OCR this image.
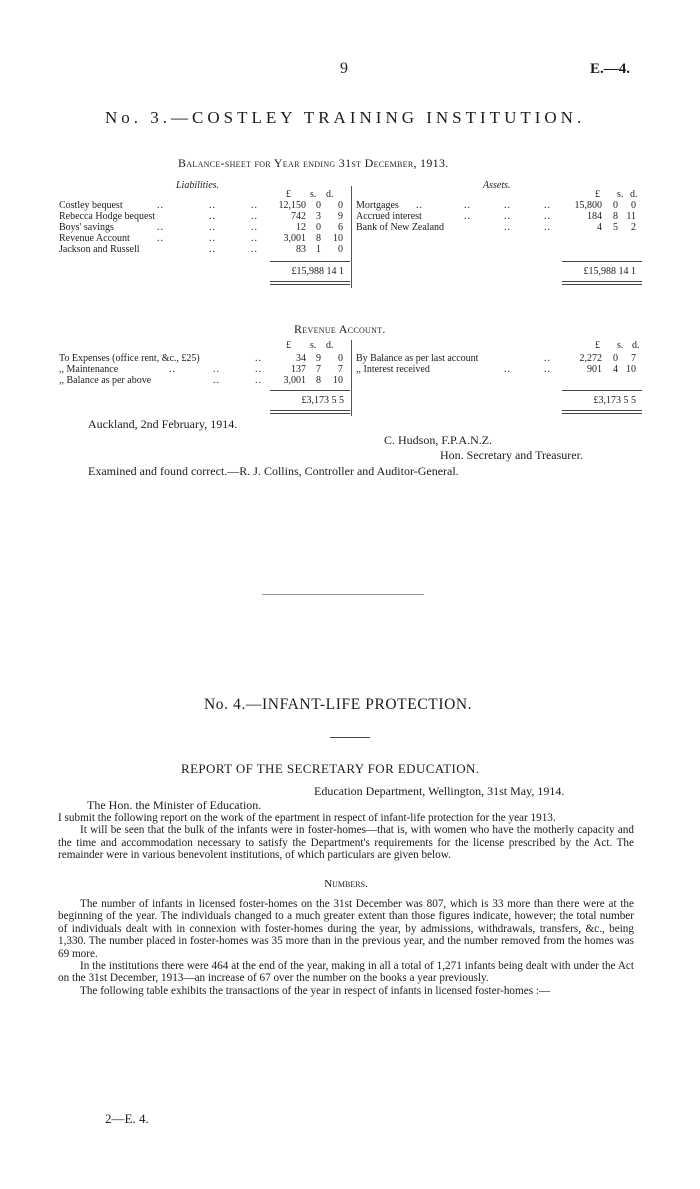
9	E.—4.
No. 3.—COSTLEY TRAINING INSTITUTION.
Balance-sheet for Year ending 31st December, 1913.
Liabilities.	Assets.
£ s. d.	£ s. d.
Costley bequest	..	..	..	12,150	0	0
Rebecca Hodge bequest	..	..	742	3	9
Boys' savings	..	..	..	12	0	6
Revenue Account	..	..	..	3,001	8	10
Jackson and Russell	..	..	83	1	0
£15,988 14 1
Mortgages ..	..	..	..	15,800	0	0
Accrued interest	..	..	..	184	8 11
Bank of New Zealand	..	..	4	5	2
£15,988 14 1
Revenue Account.
£ s. d.	£ s. d.
To Expenses (office rent, &c., £25)	..	34	9	0
,, Maintenance	..	..	..	137	7	7
,, Balance as per above	..	..	3,001	8	10
£3,173 5 5
By Balance as per last account	..	2,272	0	7
,, Interest received	..	..	901	4 10
£3,173 5 5
Auckland, 2nd February, 1914.
C. Hudson, F.P.A.N.Z.
Hon. Secretary and Treasurer.
Examined and found correct.—R. J. Collins, Controller and Auditor-General.
No. 4.—INFANT-LIFE PROTECTION.
REPORT OF THE SECRETARY FOR EDUCATION.
Education Department, Wellington, 31st May, 1914.
The Hon. the Minister of Education.

I submit the following report on the work of the epartment in respect of infant-life protection for the year 1913.

It will be seen that the bulk of the infants were in foster-homes—that is, with women who have the motherly capacity and the time and accommodation necessary to satisfy the Department's requirements for the license prescribed by the Act. The remainder were in various benevolent institutions, of which particulars are given below.

Numbers.

The number of infants in licensed foster-homes on the 31st December was 807, which is 33 more than there were at the beginning of the year. The individuals changed to a much greater extent than those figures indicate, however; the total number of individuals dealt with in connexion with foster-homes during the year, by admissions, withdrawals, transfers, &c., being 1,330. The number placed in foster-homes was 35 more than in the previous year, and the number removed from the homes was 69 more.

In the institutions there were 464 at the end of the year, making in all a total of 1,271 infants being dealt with under the Act on the 31st December, 1913—an increase of 67 over the number on the books a year previously.

The following table exhibits the transactions of the year in respect of infants in licensed foster-homes :—

2—E. 4.
